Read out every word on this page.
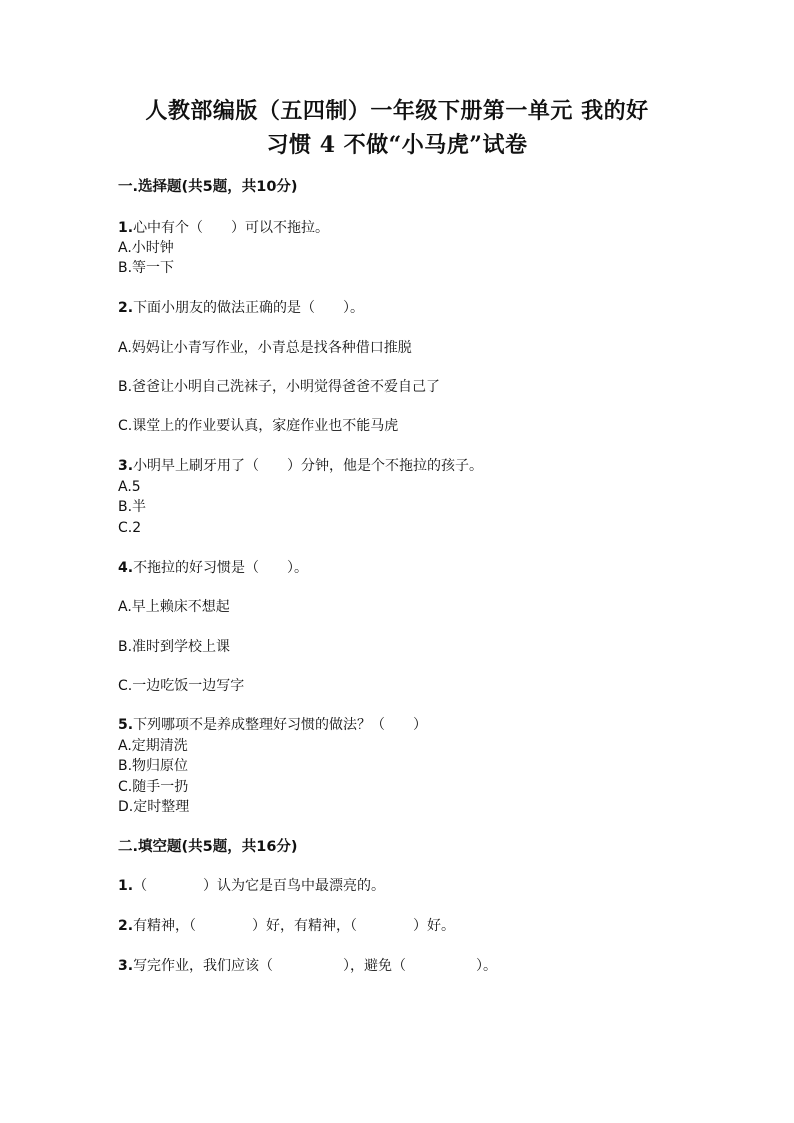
人教部编版（五四制）一年级下册第一单元 我的好
习惯 4 不做“小马虎”试卷
一.选择题(共5题，共10分)
1.心中有个（　　）可以不拖拉。
A.小时钟
B.等一下
2.下面小朋友的做法正确的是（　　）。
A.妈妈让小青写作业，小青总是找各种借口推脱
B.爸爸让小明自己洗袜子，小明觉得爸爸不爱自己了
C.课堂上的作业要认真，家庭作业也不能马虎
3.小明早上刷牙用了（　　）分钟，他是个不拖拉的孩子。
A.5
B.半
C.2
4.不拖拉的好习惯是（　　）。
A.早上赖床不想起
B.准时到学校上课
C.一边吃饭一边写字
5.下列哪项不是养成整理好习惯的做法？（　　）
A.定期清洗
B.物归原位
C.随手一扔
D.定时整理
二.填空题(共5题，共16分)
1.（　　　　）认为它是百鸟中最漂亮的。
2.有精神，（　　　　）好，有精神，（　　　　）好。
3.写完作业，我们应该（　　　　　），避免（　　　　　）。
